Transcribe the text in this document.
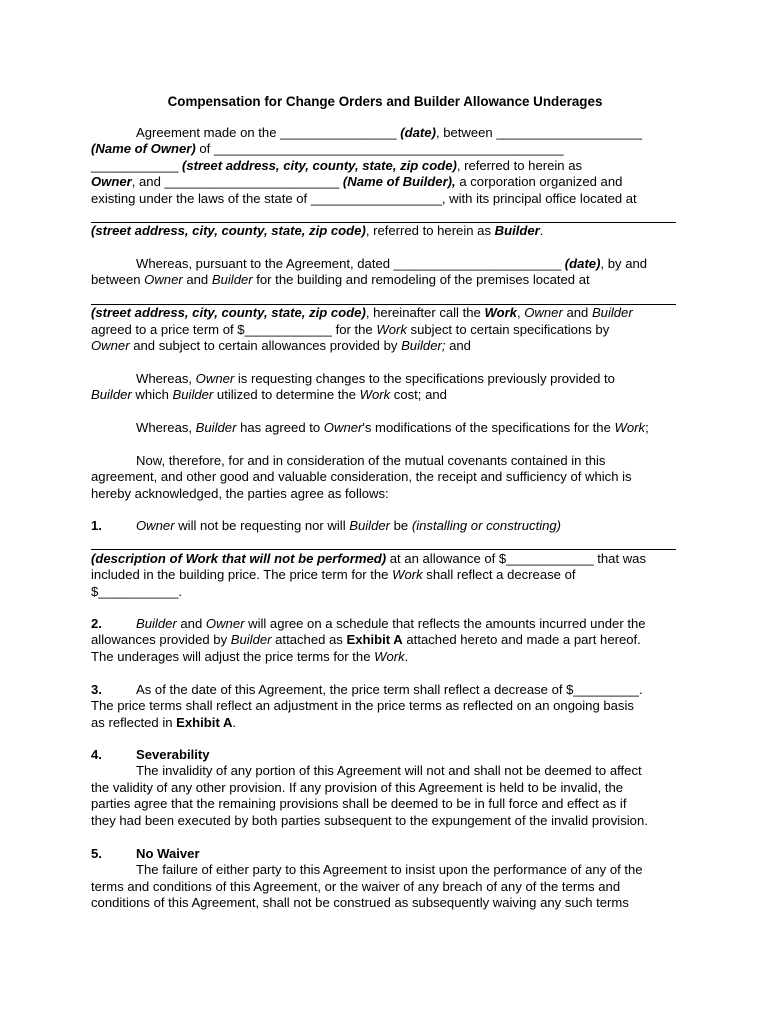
Compensation for Change Orders and Builder Allowance Underages
Agreement made on the ________________ (date), between ____________________
(Name of Owner) of ________________________________________________
____________ (street address, city, county, state, zip code), referred to herein as
Owner, and ________________________ (Name of Builder), a corporation organized and
existing under the laws of the state of __________________, with its principal office located at
(street address, city, county, state, zip code), referred to herein as Builder.
Whereas, pursuant to the Agreement, dated _______________________ (date), by and
between Owner and Builder for the building and remodeling of the premises located at
(street address, city, county, state, zip code), hereinafter call the Work, Owner and Builder
agreed to a price term of $____________ for the Work subject to certain specifications by
Owner and subject to certain allowances provided by Builder; and
Whereas, Owner is requesting changes to the specifications previously provided to
Builder which Builder utilized to determine the Work cost; and
Whereas, Builder has agreed to Owner's modifications of the specifications for the Work;
Now, therefore, for and in consideration of the mutual covenants contained in this
agreement, and other good and valuable consideration, the receipt and sufficiency of which is
hereby acknowledged, the parties agree as follows:
1.	Owner will not be requesting nor will Builder be (installing or constructing)
(description of Work that will not be performed) at an allowance of $____________ that was
included in the building price. The price term for the Work shall reflect a decrease of
$___________.
2.	Builder and Owner will agree on a schedule that reflects the amounts incurred under the
allowances provided by Builder attached as Exhibit A attached hereto and made a part hereof.
The underages will adjust the price terms for the Work.
3.	As of the date of this Agreement, the price term shall reflect a decrease of $_________.
The price terms shall reflect an adjustment in the price terms as reflected on an ongoing basis
as reflected in Exhibit A.
4.	Severability
The invalidity of any portion of this Agreement will not and shall not be deemed to affect
the validity of any other provision. If any provision of this Agreement is held to be invalid, the
parties agree that the remaining provisions shall be deemed to be in full force and effect as if
they had been executed by both parties subsequent to the expungement of the invalid provision.
5.	No Waiver
The failure of either party to this Agreement to insist upon the performance of any of the
terms and conditions of this Agreement, or the waiver of any breach of any of the terms and
conditions of this Agreement, shall not be construed as subsequently waiving any such terms
